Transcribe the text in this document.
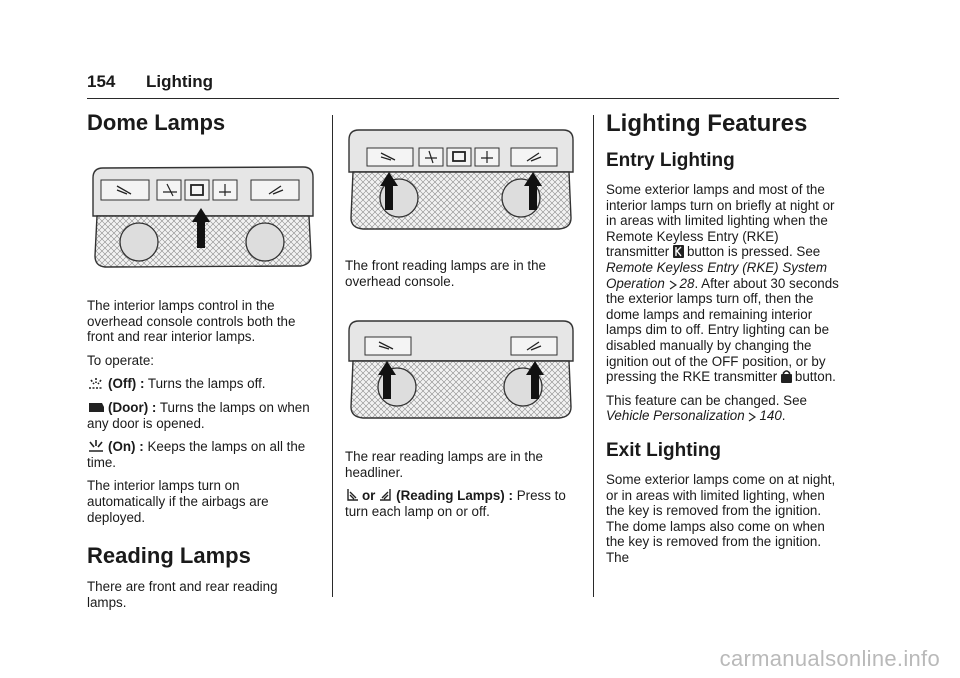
154 Lighting
Dome Lamps

The interior lamps control in the overhead console controls both the front and rear interior lamps.

To operate:

(Off) : Turns the lamps off.

(Door) : Turns the lamps on when any door is opened.

(On) : Keeps the lamps on all the time.

The interior lamps turn on automatically if the airbags are deployed.

Reading Lamps

There are front and rear reading lamps.

The front reading lamps are in the overhead console.

The rear reading lamps are in the headliner.

or (Reading Lamps) : Press to turn each lamp on or off.

Lighting Features
Entry Lighting

Some exterior lamps and most of the interior lamps turn on briefly at night or in areas with limited lighting when the Remote Keyless Entry (RKE) transmitter button is pressed. See Remote Keyless Entry (RKE) System Operation 28. After about 30 seconds the exterior lamps turn off, then the dome lamps and remaining interior lamps dim to off. Entry lighting can be disabled manually by changing the ignition out of the OFF position, or by pressing the RKE transmitter button.

This feature can be changed. See Vehicle Personalization 140.

Exit Lighting

Some exterior lamps come on at night, or in areas with limited lighting, when the key is removed from the ignition. The dome lamps also come on when the key is removed from the ignition. The

carmanualsonline.info
